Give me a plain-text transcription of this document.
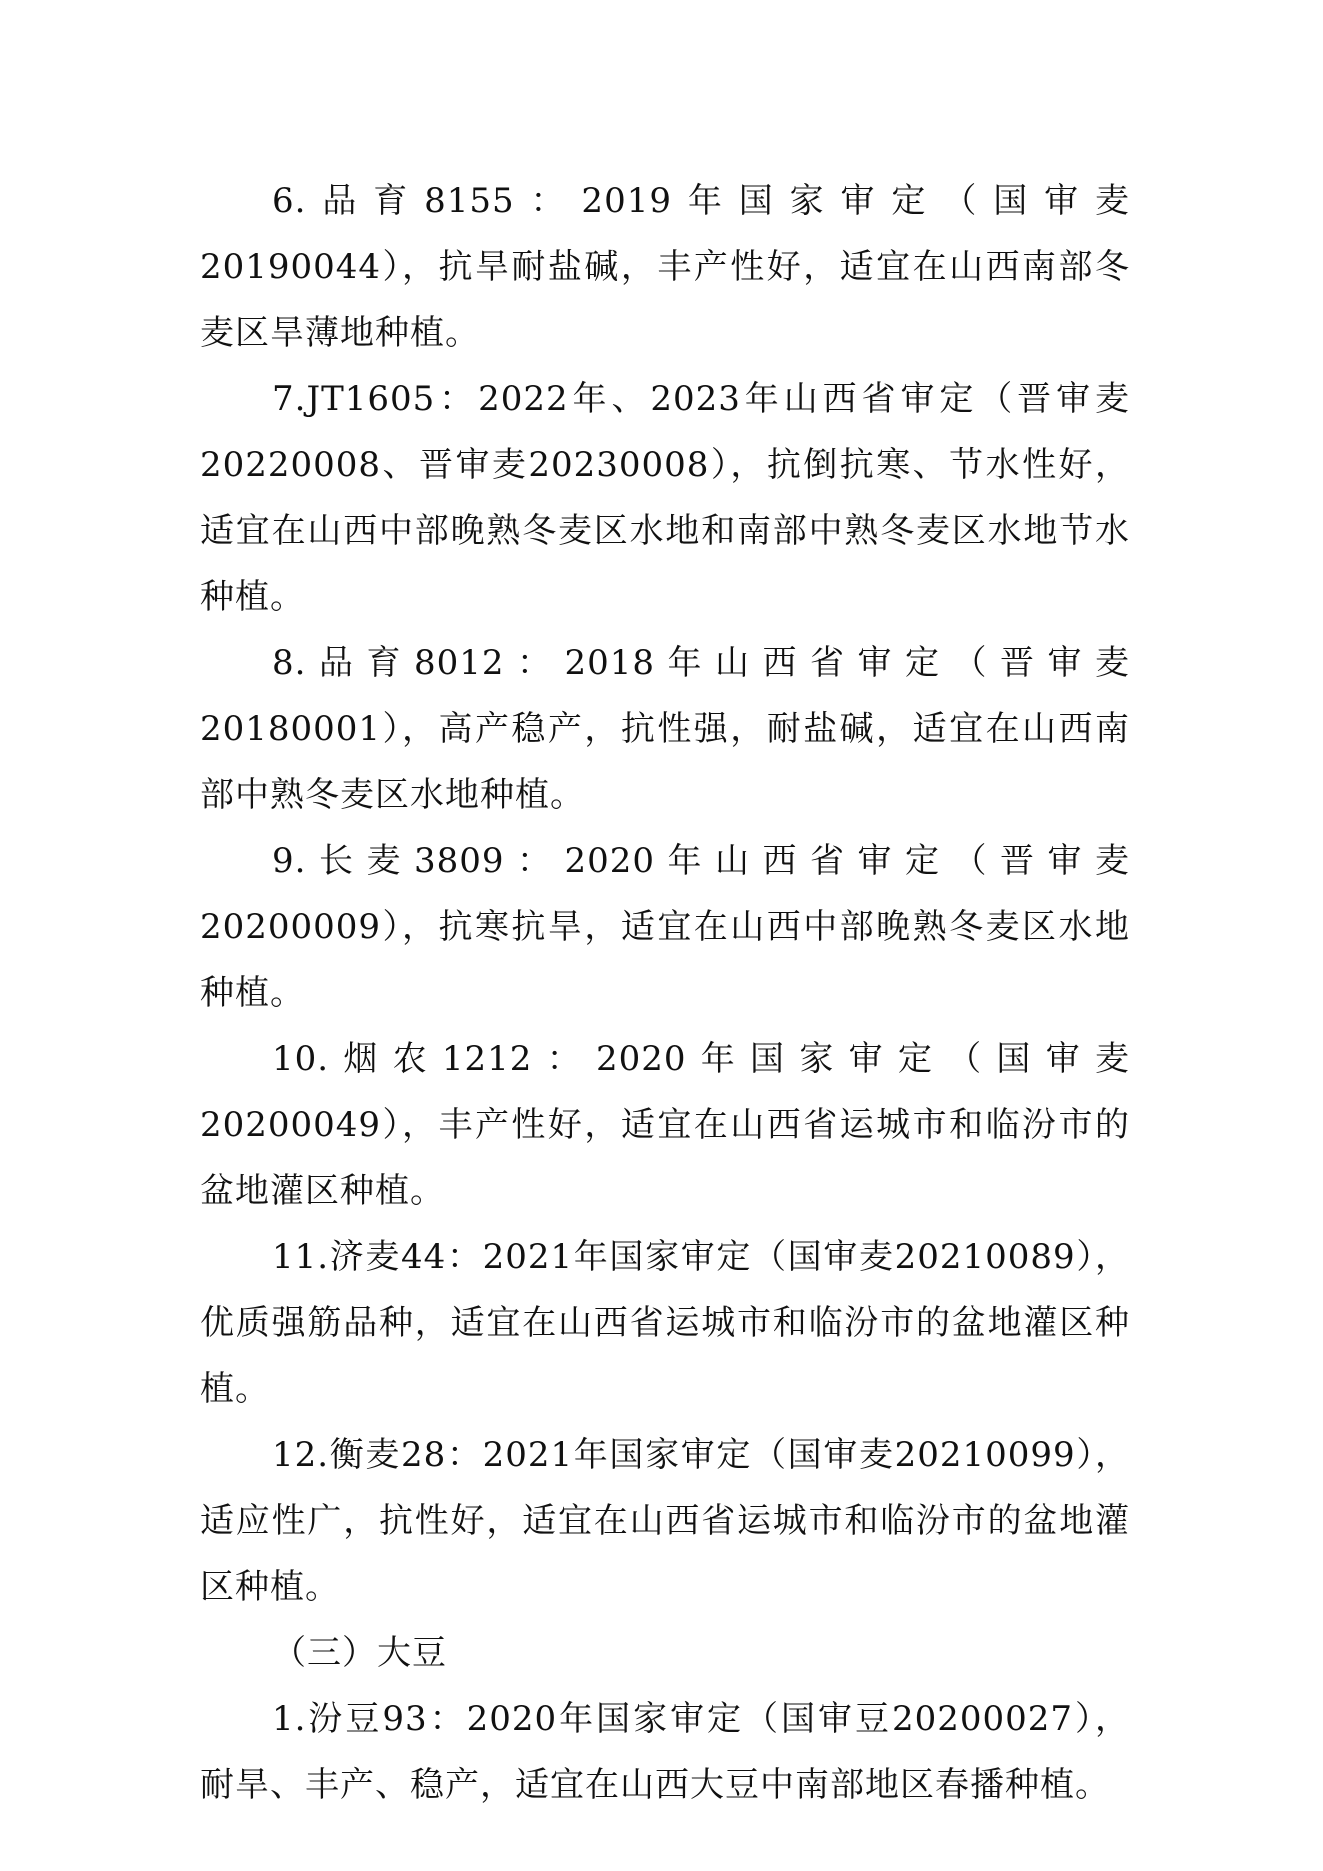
6.品育8155：2019年国家审定（国审麦20190044），抗旱耐盐碱，丰产性好，适宜在山西南部冬麦区旱薄地种植。

7.JT1605：2022年、2023年山西省审定（晋审麦20220008、晋审麦20230008），抗倒抗寒、节水性好，适宜在山西中部晚熟冬麦区水地和南部中熟冬麦区水地节水种植。

8.品育8012：2018年山西省审定（晋审麦20180001），高产稳产，抗性强，耐盐碱，适宜在山西南部中熟冬麦区水地种植。

9.长麦3809：2020年山西省审定（晋审麦20200009），抗寒抗旱，适宜在山西中部晚熟冬麦区水地种植。

10.烟农1212：2020年国家审定（国审麦20200049），丰产性好，适宜在山西省运城市和临汾市的盆地灌区种植。

11.济麦44：2021年国家审定（国审麦20210089），优质强筋品种，适宜在山西省运城市和临汾市的盆地灌区种植。

12.衡麦28：2021年国家审定（国审麦20210099），适应性广，抗性好，适宜在山西省运城市和临汾市的盆地灌区种植。

（三）大豆

1.汾豆93：2020年国家审定（国审豆20200027），耐旱、丰产、稳产，适宜在山西大豆中南部地区春播种植。
